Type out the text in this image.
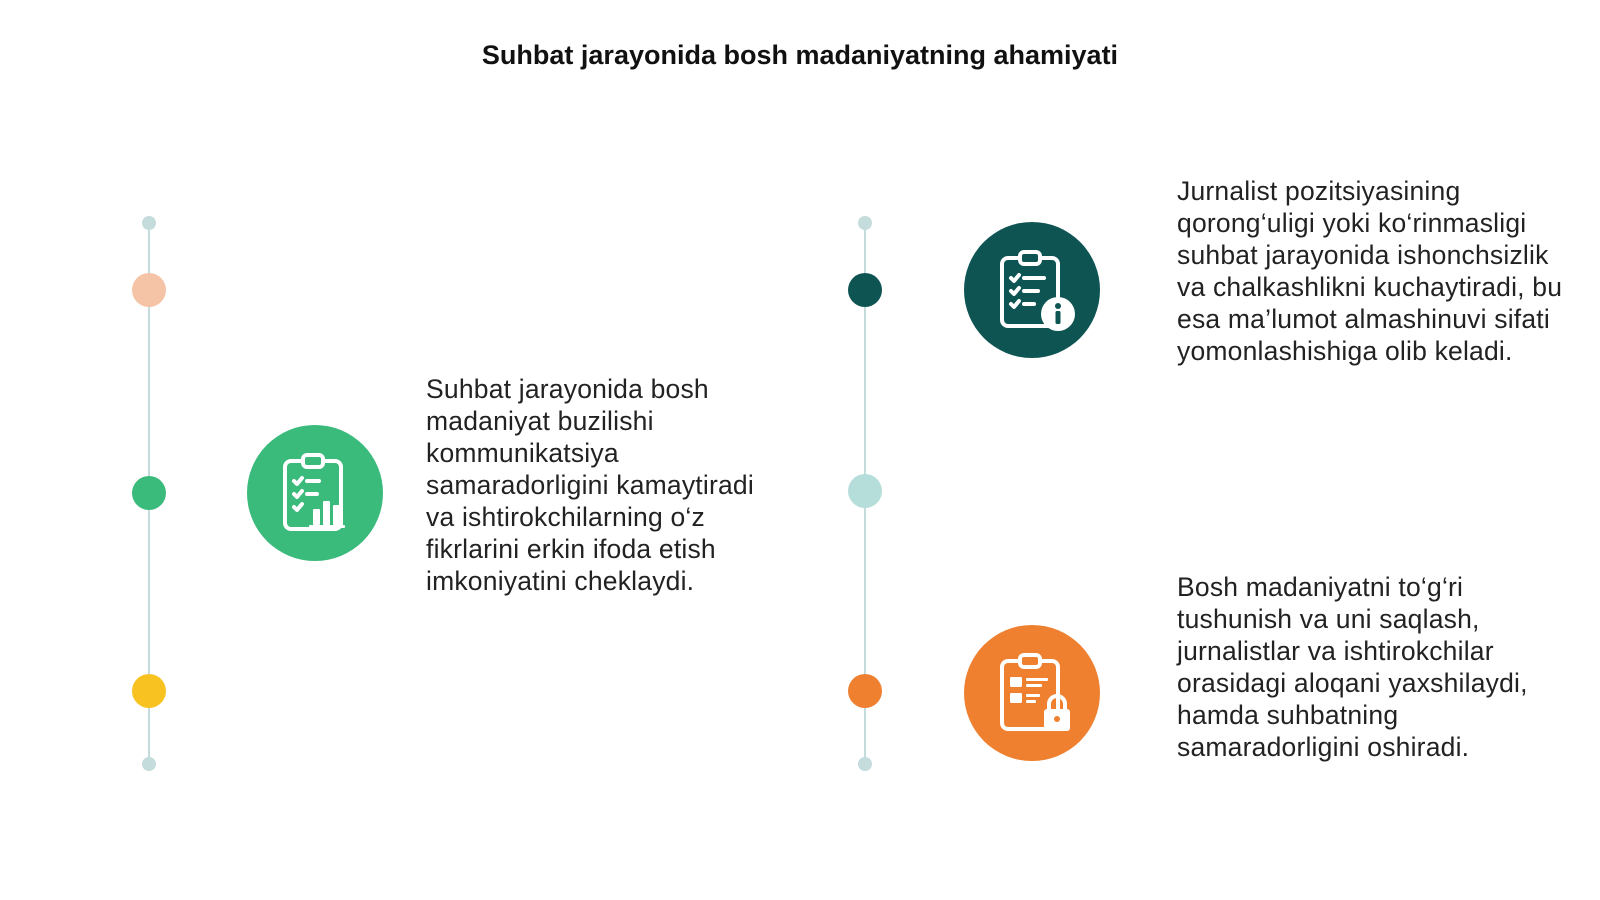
Suhbat jarayonida bosh madaniyatning ahamiyati

Suhbat jarayonida bosh madaniyat buzilishi kommunikatsiya samaradorligini kamaytiradi va ishtirokchilarning o‘z fikrlarini erkin ifoda etish imkoniyatini cheklaydi.

Jurnalist pozitsiyasining qorong‘uligi yoki ko‘rinmasligi suhbat jarayonida ishonchsizlik va chalkashlikni kuchaytiradi, bu esa ma’lumot almashinuvi sifati yomonlashishiga olib keladi.

Bosh madaniyatni to‘g‘ri tushunish va uni saqlash, jurnalistlar va ishtirokchilar orasidagi aloqani yaxshilaydi, hamda suhbatning samaradorligini oshiradi.
